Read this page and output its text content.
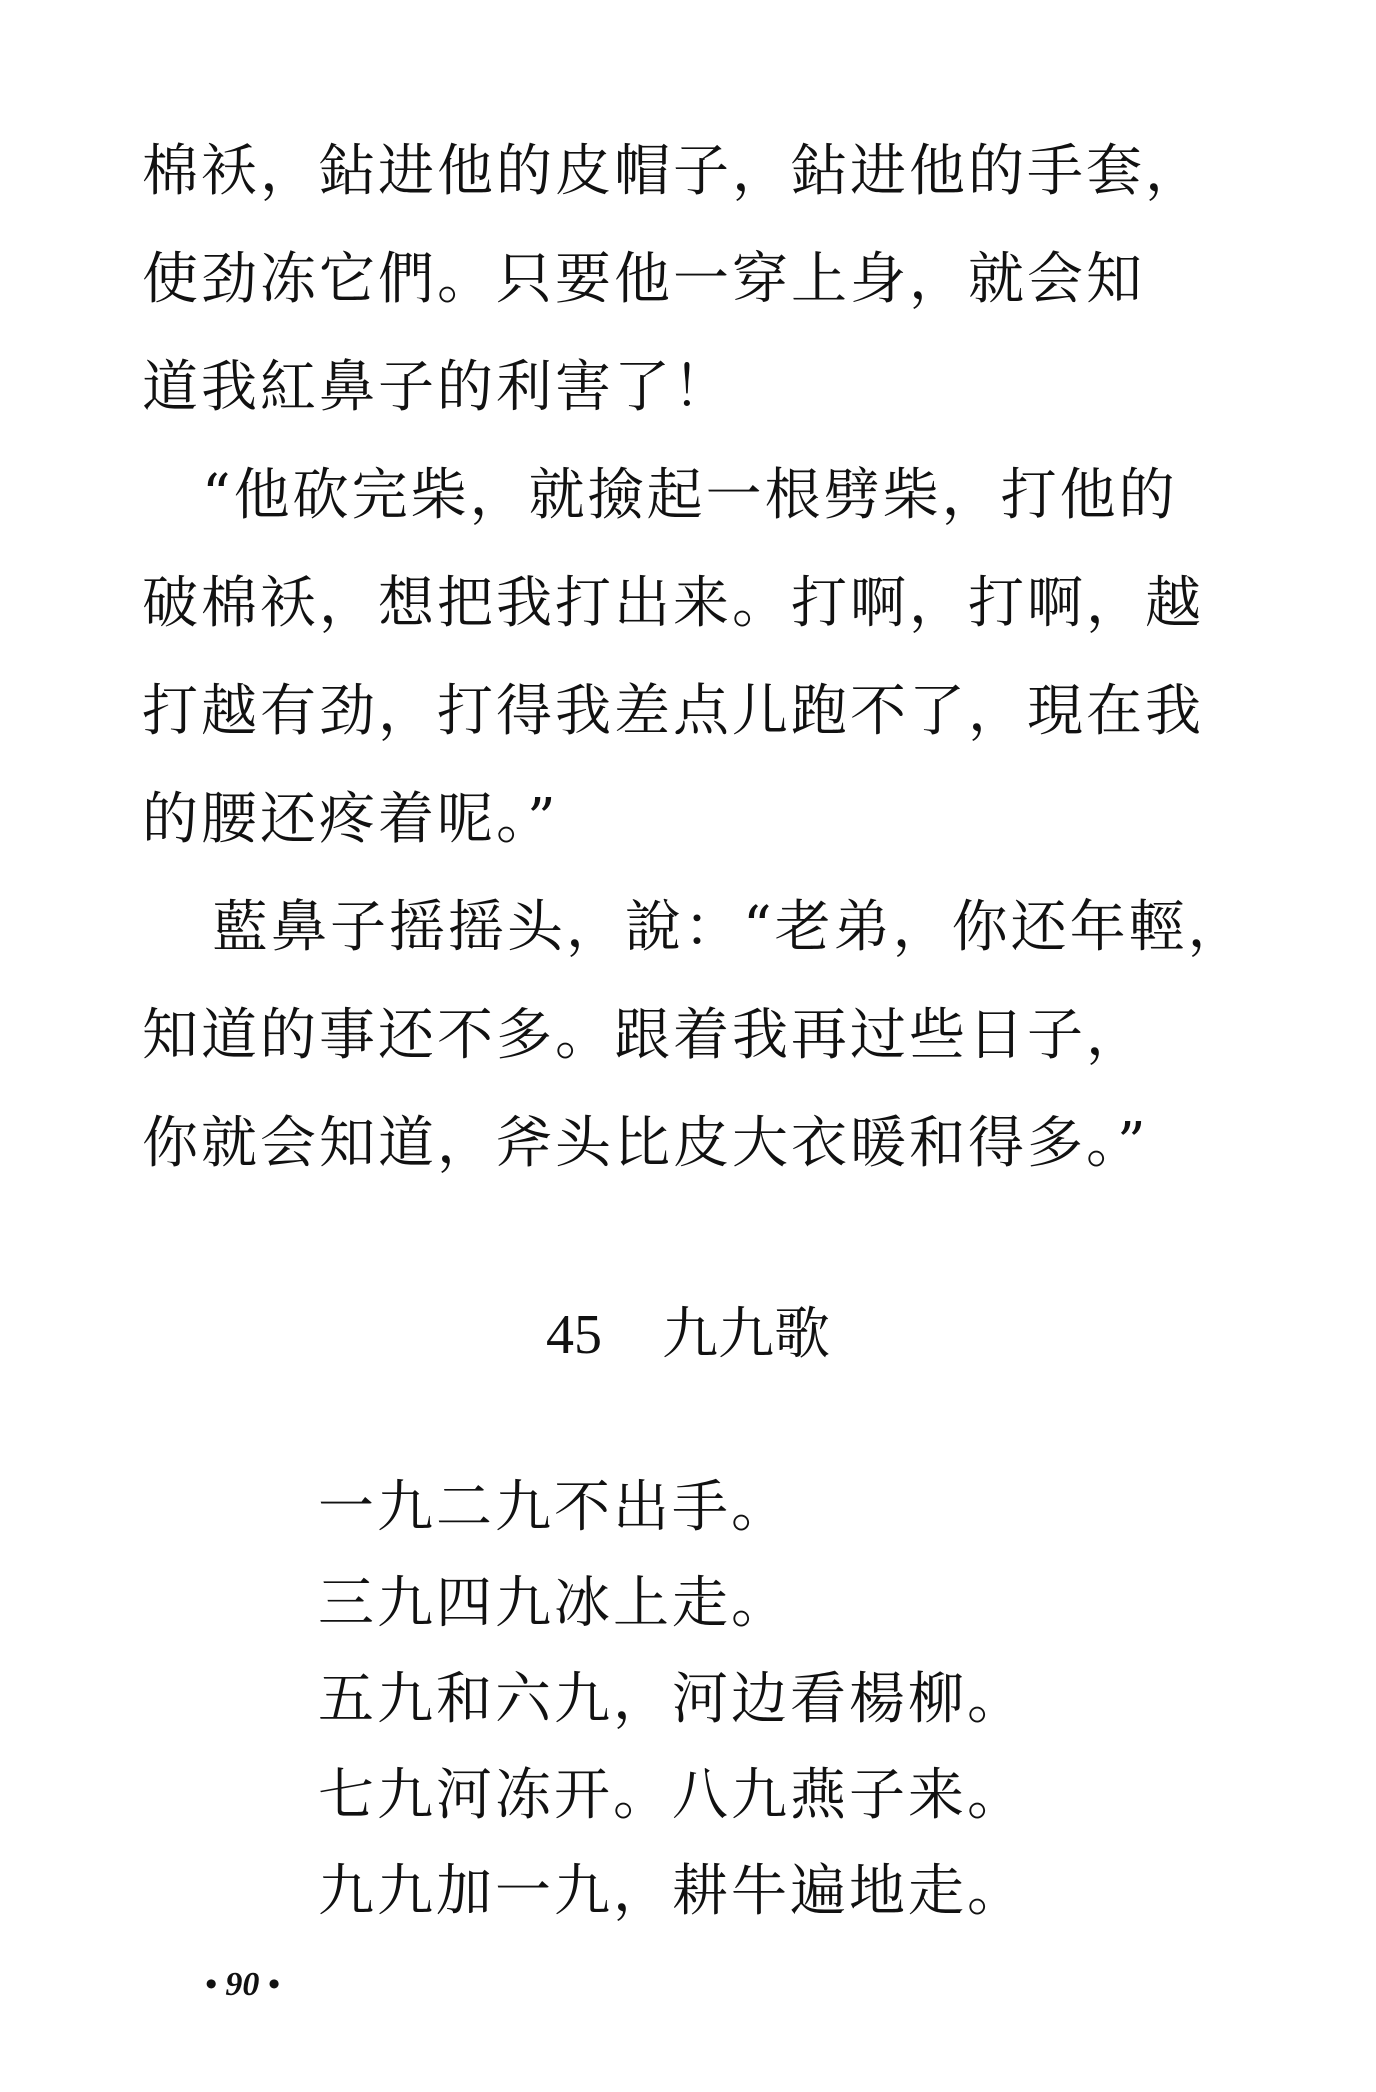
棉袄，鉆进他的皮帽子，鉆进他的手套，
使劲冻它們。只要他一穿上身，就会知
道我紅鼻子的利害了！
“他砍完柴，就撿起一根劈柴，打他的
破棉袄，想把我打出来。打啊，打啊，越
打越有劲，打得我差点儿跑不了，現在我
的腰还疼着呢。”
藍鼻子摇摇头，說：“老弟，你还年輕，
知道的事还不多。跟着我再过些日子，
你就会知道，斧头比皮大衣暖和得多。”
45 九九歌
一九二九不出手。
三九四九冰上走。
五九和六九，河边看楊柳。
七九河冻开。八九燕子来。
九九加一九，耕牛遍地走。
• 90 •
